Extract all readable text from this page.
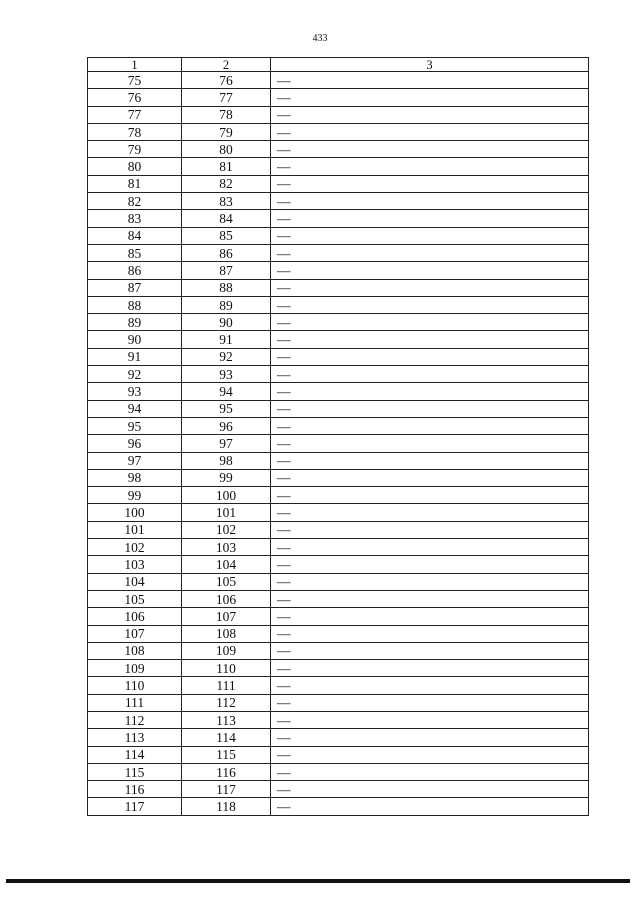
433
1	2	3
75	76	—
76	77	—
77	78	—
78	79	—
79	80	—
80	81	—
81	82	—
82	83	—
83	84	—
84	85	—
85	86	—
86	87	—
87	88	—
88	89	—
89	90	—
90	91	—
91	92	—
92	93	—
93	94	—
94	95	—
95	96	—
96	97	—
97	98	—
98	99	—
99	100	—
100	101	—
101	102	—
102	103	—
103	104	—
104	105	—
105	106	—
106	107	—
107	108	—
108	109	—
109	110	—
110	111	—
111	112	—
112	113	—
113	114	—
114	115	—
115	116	—
116	117	—
117	118	—
